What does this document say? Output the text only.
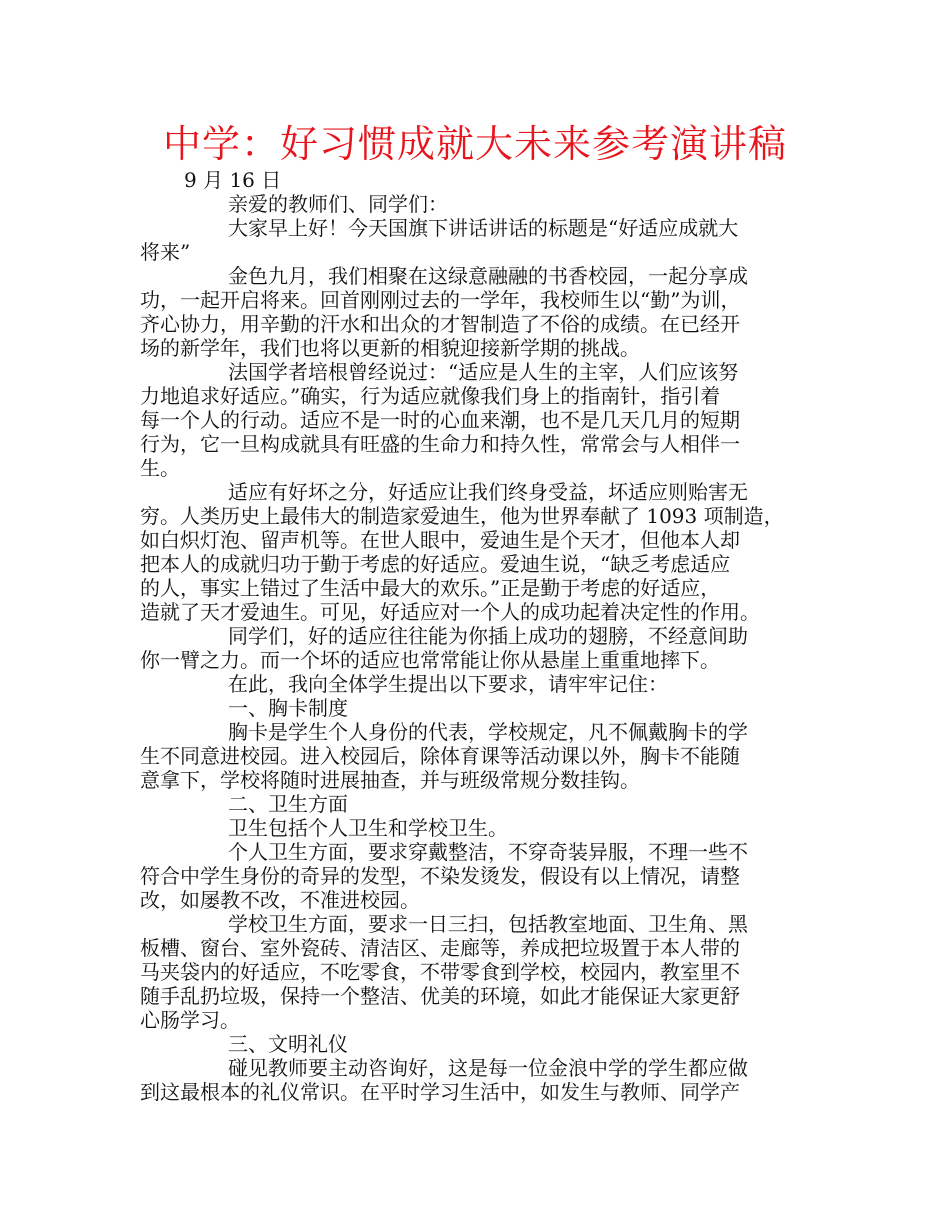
中学：好习惯成就大未来参考演讲稿
9 月 16 日
亲爱的教师们、同学们：
大家早上好！今天国旗下讲话讲话的标题是“好适应成就大
将来”
金色九月，我们相聚在这绿意融融的书香校园，一起分享成
功，一起开启将来。回首刚刚过去的一学年，我校师生以“勤”为训，
齐心协力，用辛勤的汗水和出众的才智制造了不俗的成绩。在已经开
场的新学年，我们也将以更新的相貌迎接新学期的挑战。
法国学者培根曾经说过：“适应是人生的主宰，人们应该努
力地追求好适应。”确实，行为适应就像我们身上的指南针，指引着
每一个人的行动。适应不是一时的心血来潮，也不是几天几月的短期
行为，它一旦构成就具有旺盛的生命力和持久性，常常会与人相伴一
生。
适应有好坏之分，好适应让我们终身受益，坏适应则贻害无
穷。人类历史上最伟大的制造家爱迪生，他为世界奉献了 1093 项制造，
如白炽灯泡、留声机等。在世人眼中，爱迪生是个天才，但他本人却
把本人的成就归功于勤于考虑的好适应。爱迪生说，“缺乏考虑适应
的人，事实上错过了生活中最大的欢乐。”正是勤于考虑的好适应，
造就了天才爱迪生。可见，好适应对一个人的成功起着决定性的作用。
同学们，好的适应往往能为你插上成功的翅膀，不经意间助
你一臂之力。而一个坏的适应也常常能让你从悬崖上重重地摔下。
在此，我向全体学生提出以下要求，请牢牢记住：
一、胸卡制度
胸卡是学生个人身份的代表，学校规定，凡不佩戴胸卡的学
生不同意进校园。进入校园后，除体育课等活动课以外，胸卡不能随
意拿下，学校将随时进展抽查，并与班级常规分数挂钩。
二、卫生方面
卫生包括个人卫生和学校卫生。
个人卫生方面，要求穿戴整洁，不穿奇装异服，不理一些不
符合中学生身份的奇异的发型，不染发烫发，假设有以上情况，请整
改，如屡教不改，不准进校园。
学校卫生方面，要求一日三扫，包括教室地面、卫生角、黑
板槽、窗台、室外瓷砖、清洁区、走廊等，养成把垃圾置于本人带的
马夹袋内的好适应，不吃零食，不带零食到学校，校园内，教室里不
随手乱扔垃圾，保持一个整洁、优美的环境，如此才能保证大家更舒
心肠学习。
三、文明礼仪
碰见教师要主动咨询好，这是每一位金浪中学的学生都应做
到这最根本的礼仪常识。在平时学习生活中，如发生与教师、同学产
